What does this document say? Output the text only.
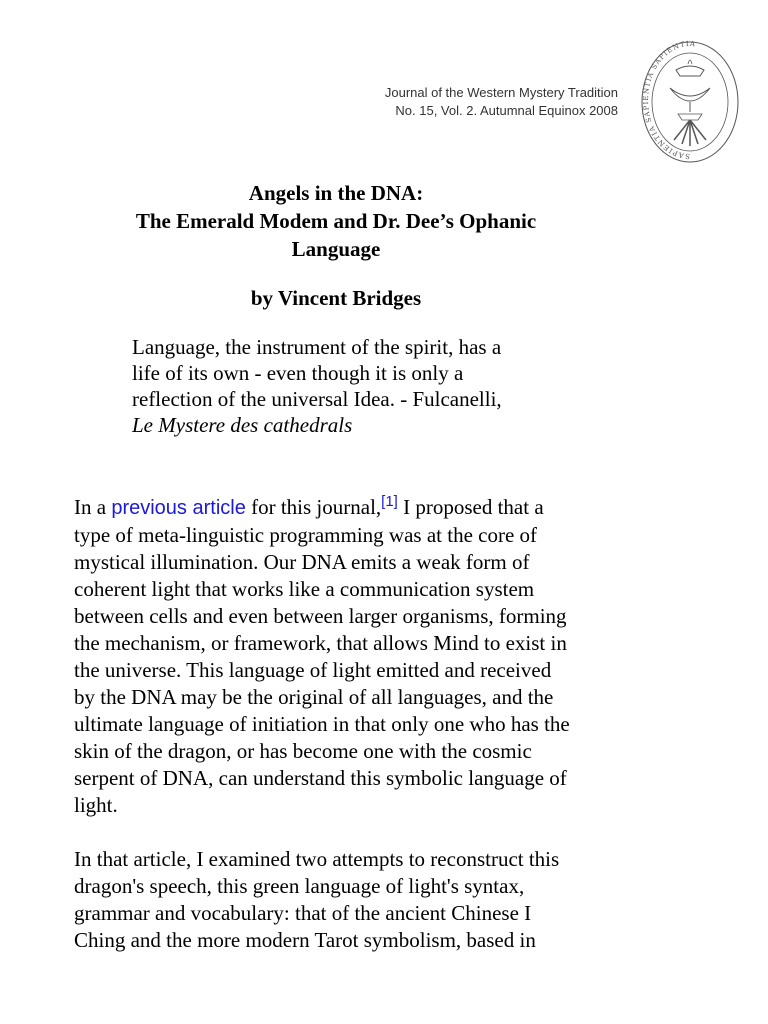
Journal of the Western Mystery Tradition
No. 15, Vol. 2. Autumnal Equinox 2008
SAPIENTIA SAPIENTIA SAPIENTIA
Angels in the DNA:
The Emerald Modem and Dr. Dee’s Ophanic
Language
by Vincent Bridges
Language, the instrument of the spirit, has a
life of its own - even though it is only a
reflection of the universal Idea. - Fulcanelli,
Le Mystere des cathedrals
In a previous article for this journal,[1] I proposed that a
type of meta-linguistic programming was at the core of
mystical illumination. Our DNA emits a weak form of
coherent light that works like a communication system
between cells and even between larger organisms, forming
the mechanism, or framework, that allows Mind to exist in
the universe. This language of light emitted and received
by the DNA may be the original of all languages, and the
ultimate language of initiation in that only one who has the
skin of the dragon, or has become one with the cosmic
serpent of DNA, can understand this symbolic language of
light.
In that article, I examined two attempts to reconstruct this
dragon's speech, this green language of light's syntax,
grammar and vocabulary: that of the ancient Chinese I
Ching and the more modern Tarot symbolism, based in
